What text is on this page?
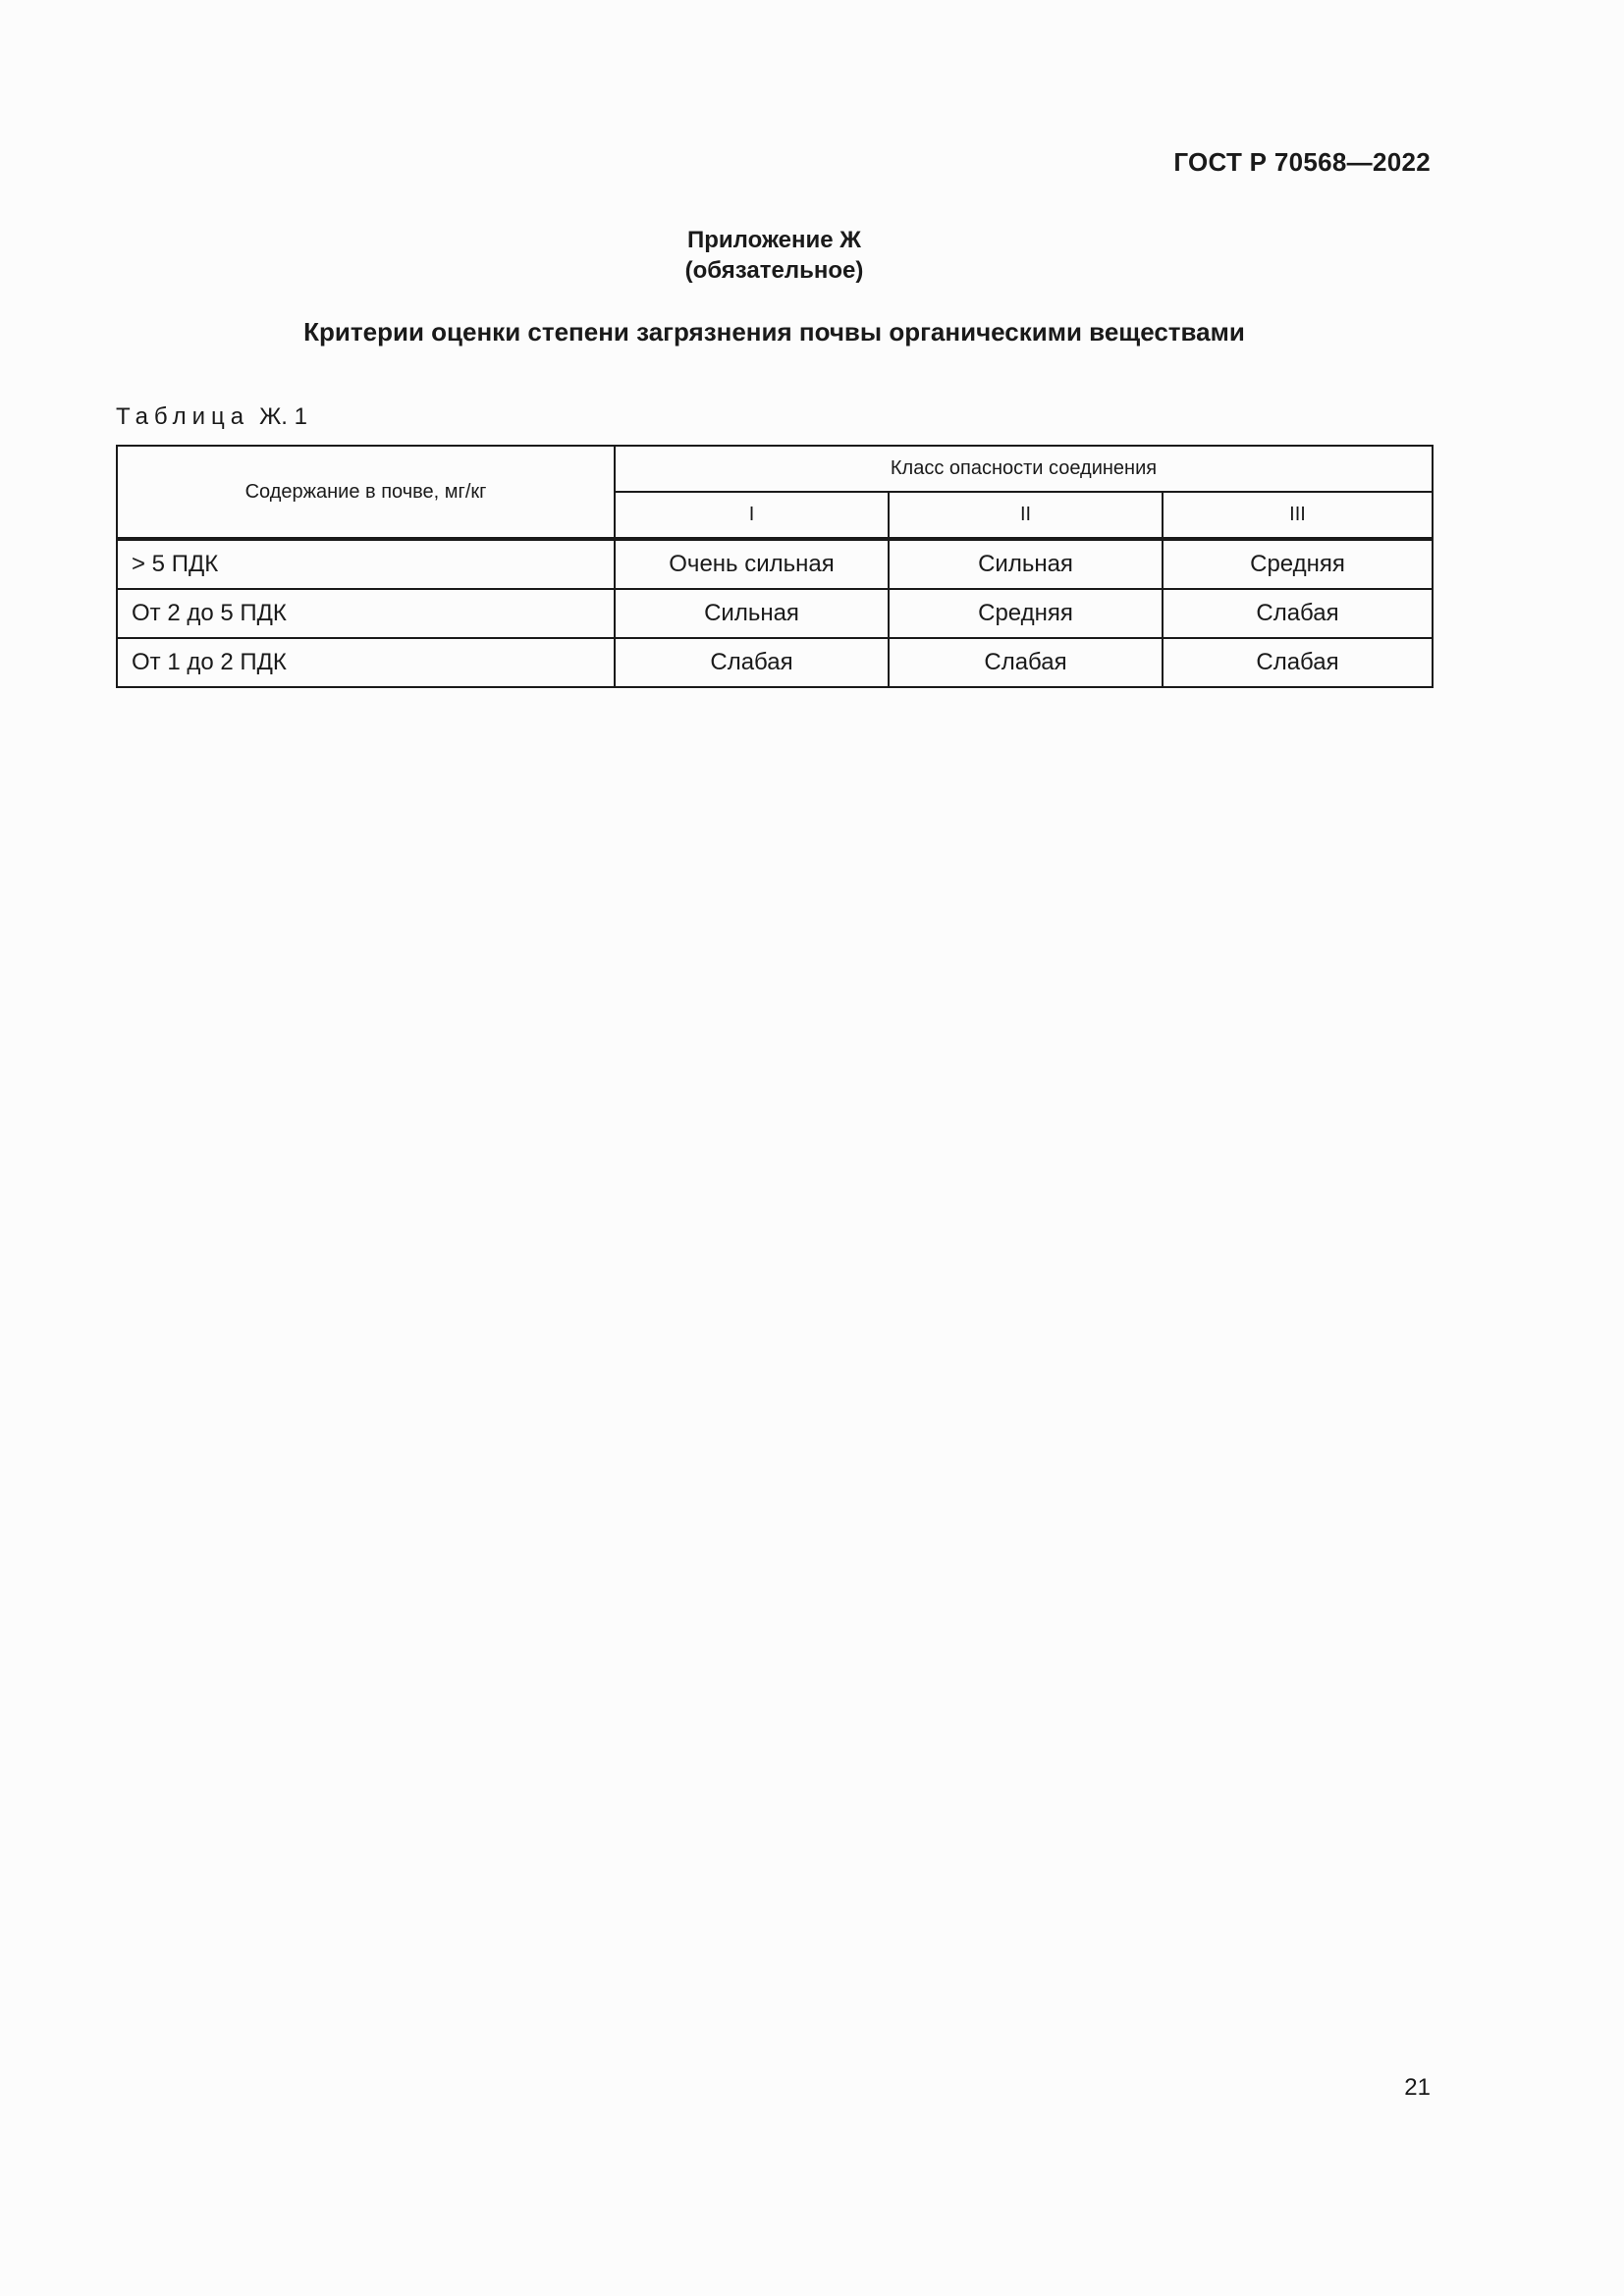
ГОСТ Р 70568—2022
Приложение Ж
(обязательное)
Критерии оценки степени загрязнения почвы органическими веществами
Таблица Ж. 1
Содержание в почве, мг/кг	Класс опасности соединения		
	I	II	III
> 5 ПДК	Очень сильная	Сильная	Средняя
От 2 до 5 ПДК	Сильная	Средняя	Слабая
От 1 до 2 ПДК	Слабая	Слабая	Слабая
21
